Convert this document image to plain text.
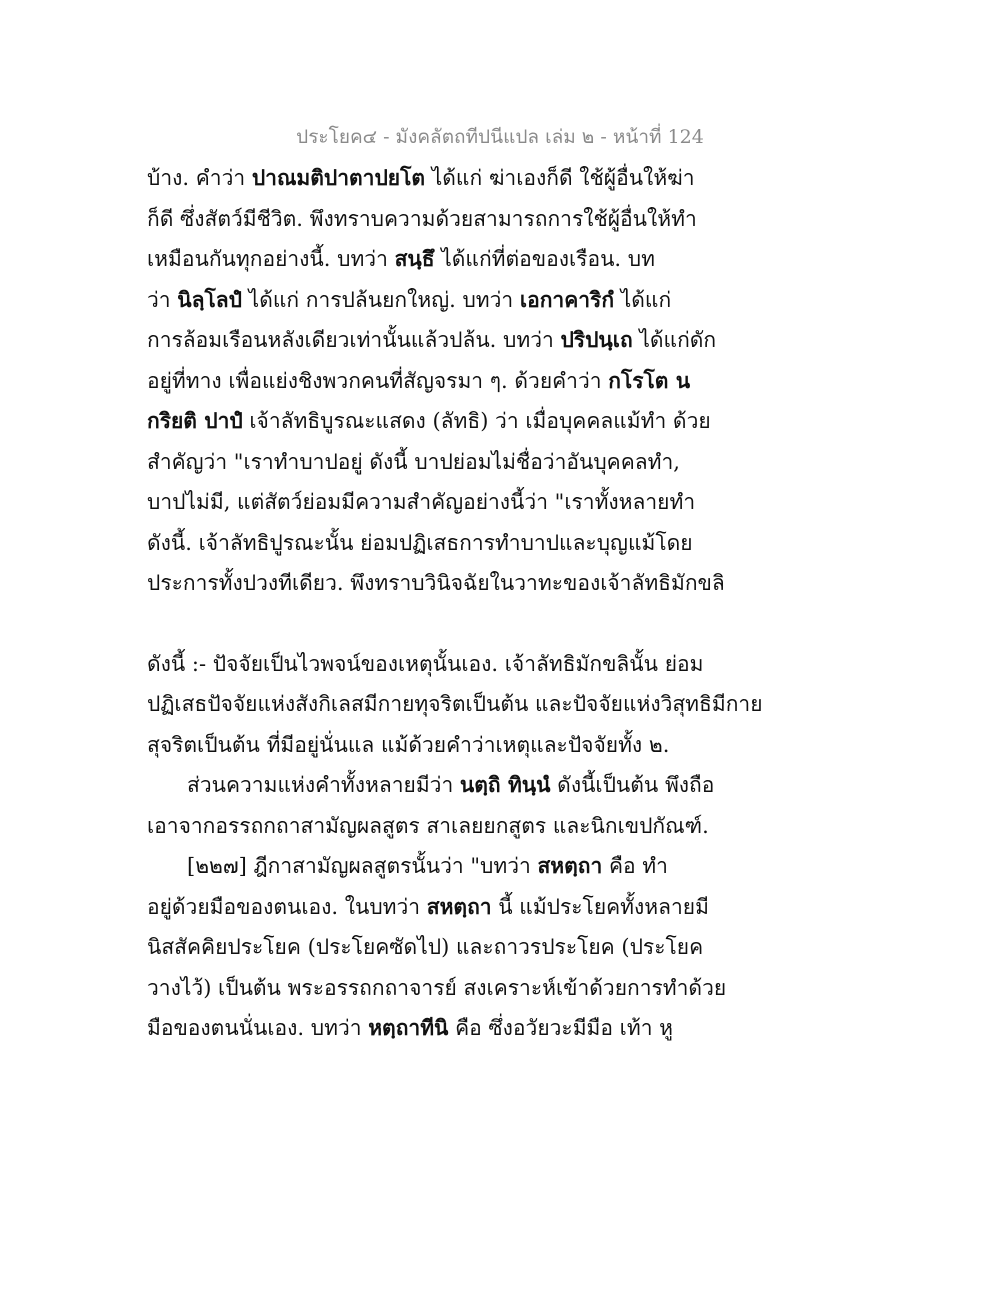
ประโยค๔ - มังคลัตถทีปนีแปล เล่ม ๒ - หน้าที่ 124
บ้าง. คำว่า ปาณมติปาตาปยโต ได้แก่ ฆ่าเองก็ดี ใช้ผู้อื่นให้ฆ่า
ก็ดี ซึ่งสัตว์มีชีวิต. พึงทราบความด้วยสามารถการใช้ผู้อื่นให้ทำ
เหมือนกันทุกอย่างนี้. บทว่า สนฺธึ ได้แก่ที่ต่อของเรือน. บท
ว่า นิลฺโลปํ ได้แก่ การปล้นยกใหญ่. บทว่า เอกาคาริกํ ได้แก่
การล้อมเรือนหลังเดียวเท่านั้นแล้วปล้น. บทว่า ปริปนฺเถ ได้แก่ดัก
อยู่ที่ทาง เพื่อแย่งชิงพวกคนที่สัญจรมา ๆ. ด้วยคำว่า กโรโต น
กริยติ ปาปํ เจ้าลัทธิบูรณะแสดง (ลัทธิ) ว่า เมื่อบุคคลแม้ทำ ด้วย
สำคัญว่า "เราทำบาปอยู่ ดังนี้ บาปย่อมไม่ชื่อว่าอันบุคคลทำ,
บาปไม่มี, แต่สัตว์ย่อมมีความสำคัญอย่างนี้ว่า "เราทั้งหลายทำ
ดังนี้. เจ้าลัทธิปูรณะนั้น ย่อมปฏิเสธการทำบาปและบุญแม้โดย
ประการทั้งปวงทีเดียว. พึงทราบวินิจฉัยในวาทะของเจ้าลัทธิมักขลิ
ดังนี้ :- ปัจจัยเป็นไวพจน์ของเหตุนั้นเอง. เจ้าลัทธิมักขลินั้น ย่อม
ปฏิเสธปัจจัยแห่งสังกิเลสมีกายทุจริตเป็นต้น และปัจจัยแห่งวิสุทธิมีกาย
สุจริตเป็นต้น ที่มีอยู่นั่นแล แม้ด้วยคำว่าเหตุและปัจจัยทั้ง ๒.
ส่วนความแห่งคำทั้งหลายมีว่า นตฺถิ ทินฺนํ ดังนี้เป็นต้น พึงถือ
เอาจากอรรถกถาสามัญผลสูตร สาเลยยกสูตร และนิกเขปกัณฑ์.
[๒๒๗] ฎีกาสามัญผลสูตรนั้นว่า "บทว่า สหตฺถา คือ ทำ
อยู่ด้วยมือของตนเอง. ในบทว่า สหตฺถา นี้ แม้ประโยคทั้งหลายมี
นิสสัคคิยประโยค (ประโยคซัดไป) และถาวรประโยค (ประโยค
วางไว้) เป็นต้น พระอรรถกถาจารย์ สงเคราะห์เข้าด้วยการทำด้วย
มือของตนนั่นเอง. บทว่า หตฺถาทีนิ คือ ซึ่งอวัยวะมีมือ เท้า หู
